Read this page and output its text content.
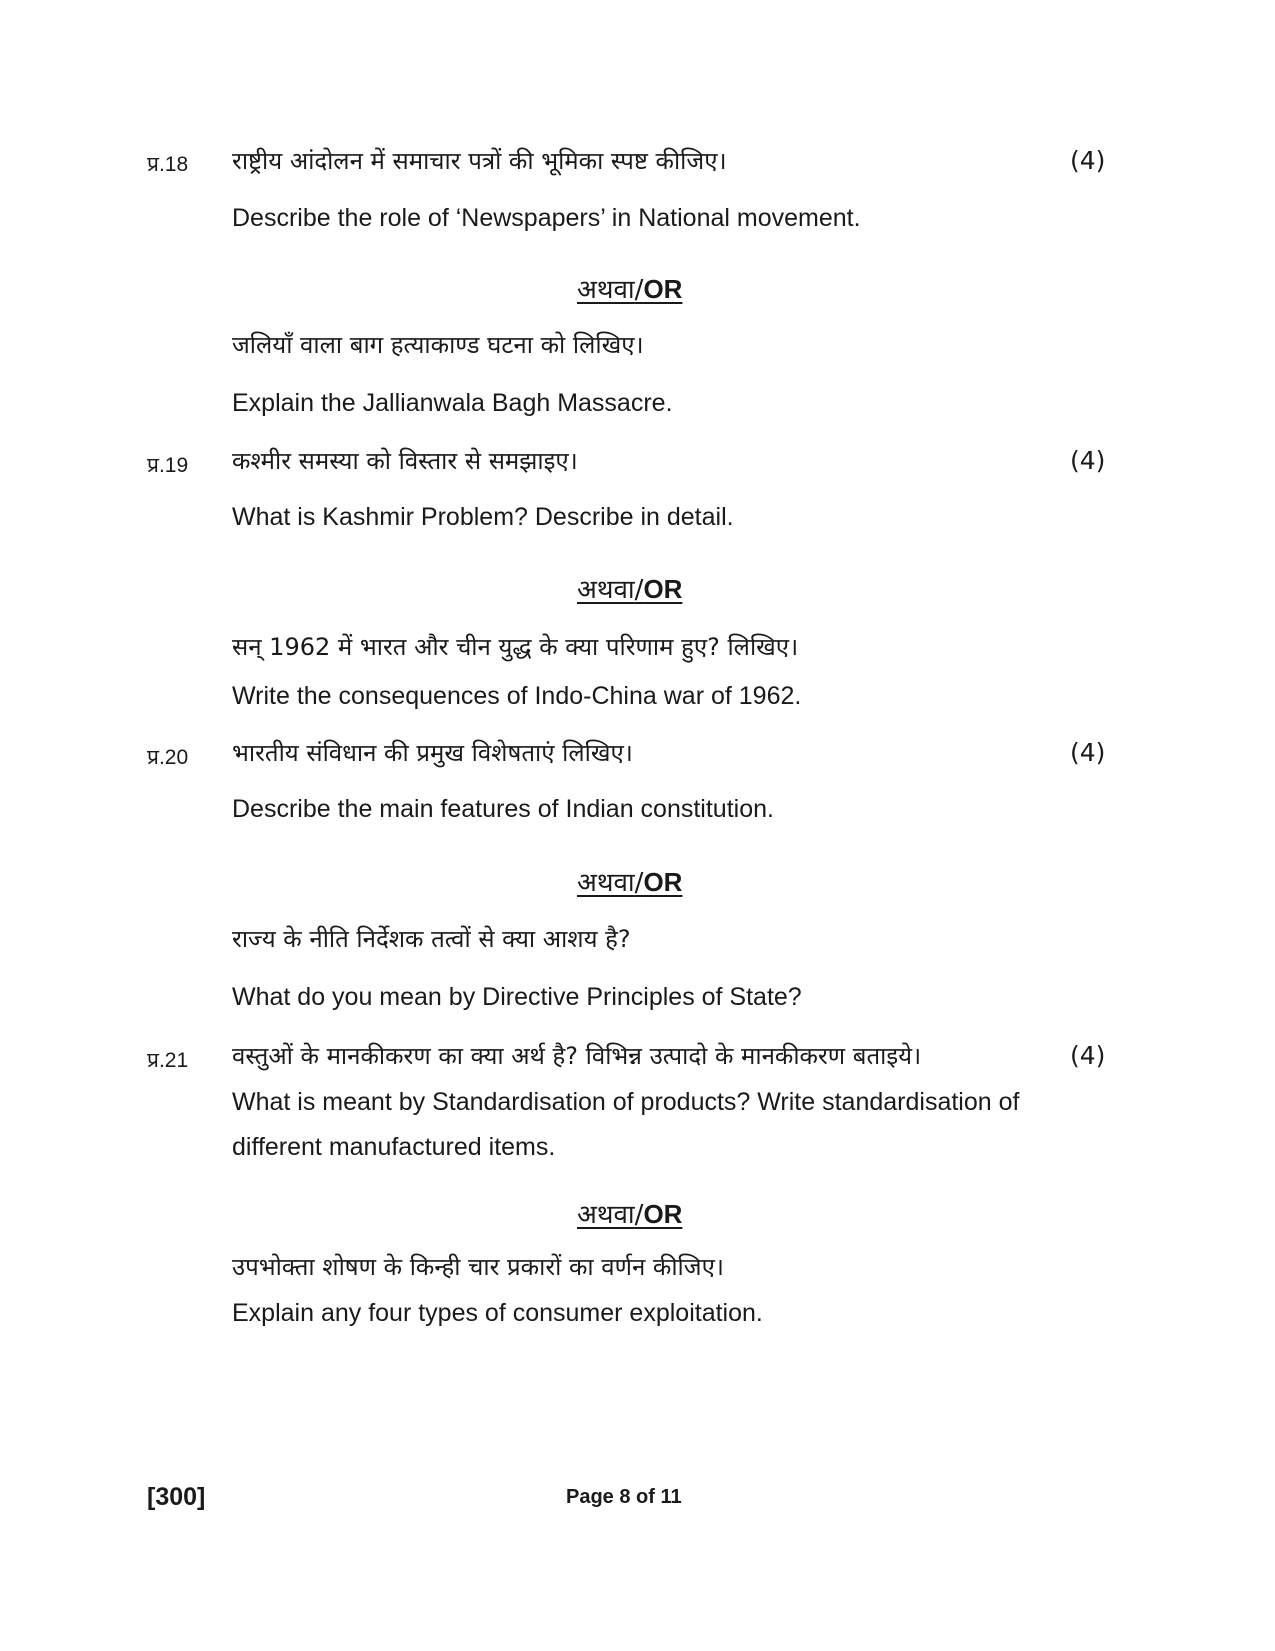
प्र.18 राष्ट्रीय आंदोलन में समाचार पत्रों की भूमिका स्पष्ट कीजिए।	(4)
Describe the role of ‘Newspapers’ in National movement.
अथवा/OR
जलियाँ वाला बाग हत्याकाण्ड घटना को लिखिए।
Explain the Jallianwala Bagh Massacre.
प्र.19 कश्मीर समस्या को विस्तार से समझाइए।	(4)
What is Kashmir Problem? Describe in detail.
अथवा/OR
सन् 1962 में भारत और चीन युद्ध के क्या परिणाम हुए? लिखिए।
Write the consequences of Indo-China war of 1962.
प्र.20 भारतीय संविधान की प्रमुख विशेषताएं लिखिए।	(4)
Describe the main features of Indian constitution.
अथवा/OR
राज्य के नीति निर्देशक तत्वों से क्या आशय है?
What do you mean by Directive Principles of State?
प्र.21 वस्तुओं के मानकीकरण का क्या अर्थ है? विभिन्न उत्पादो के मानकीकरण बताइये।	(4)
What is meant by Standardisation of products? Write standardisation of
different manufactured items.
अथवा/OR
उपभोक्ता शोषण के किन्ही चार प्रकारों का वर्णन कीजिए।
Explain any four types of consumer exploitation.
[300]	Page 8 of 11
